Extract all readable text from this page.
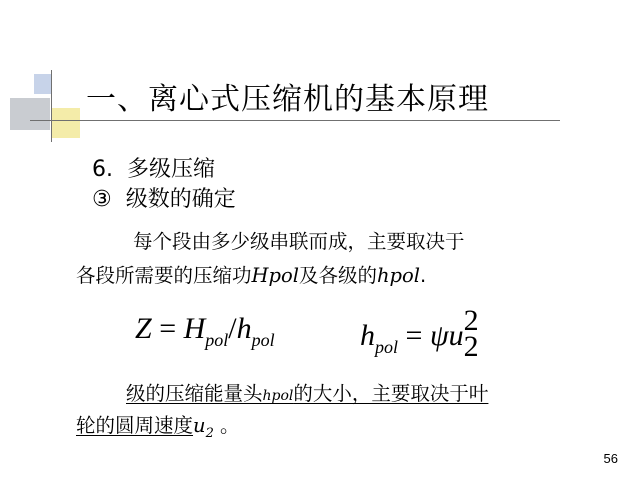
一、离心式压缩机的基本原理
6. 多级压缩
③ 级数的确定
每个段由多少级串联而成，主要取决于
各段所需要的压缩功Hpol及各级的hpol.
$Z = H_{pol}/h_{pol}$	$h_{pol} = \psi u$ 2
2
级的压缩能量头hpol的大小，主要取决于叶
轮的圆周速度$u_2$ 。
56
